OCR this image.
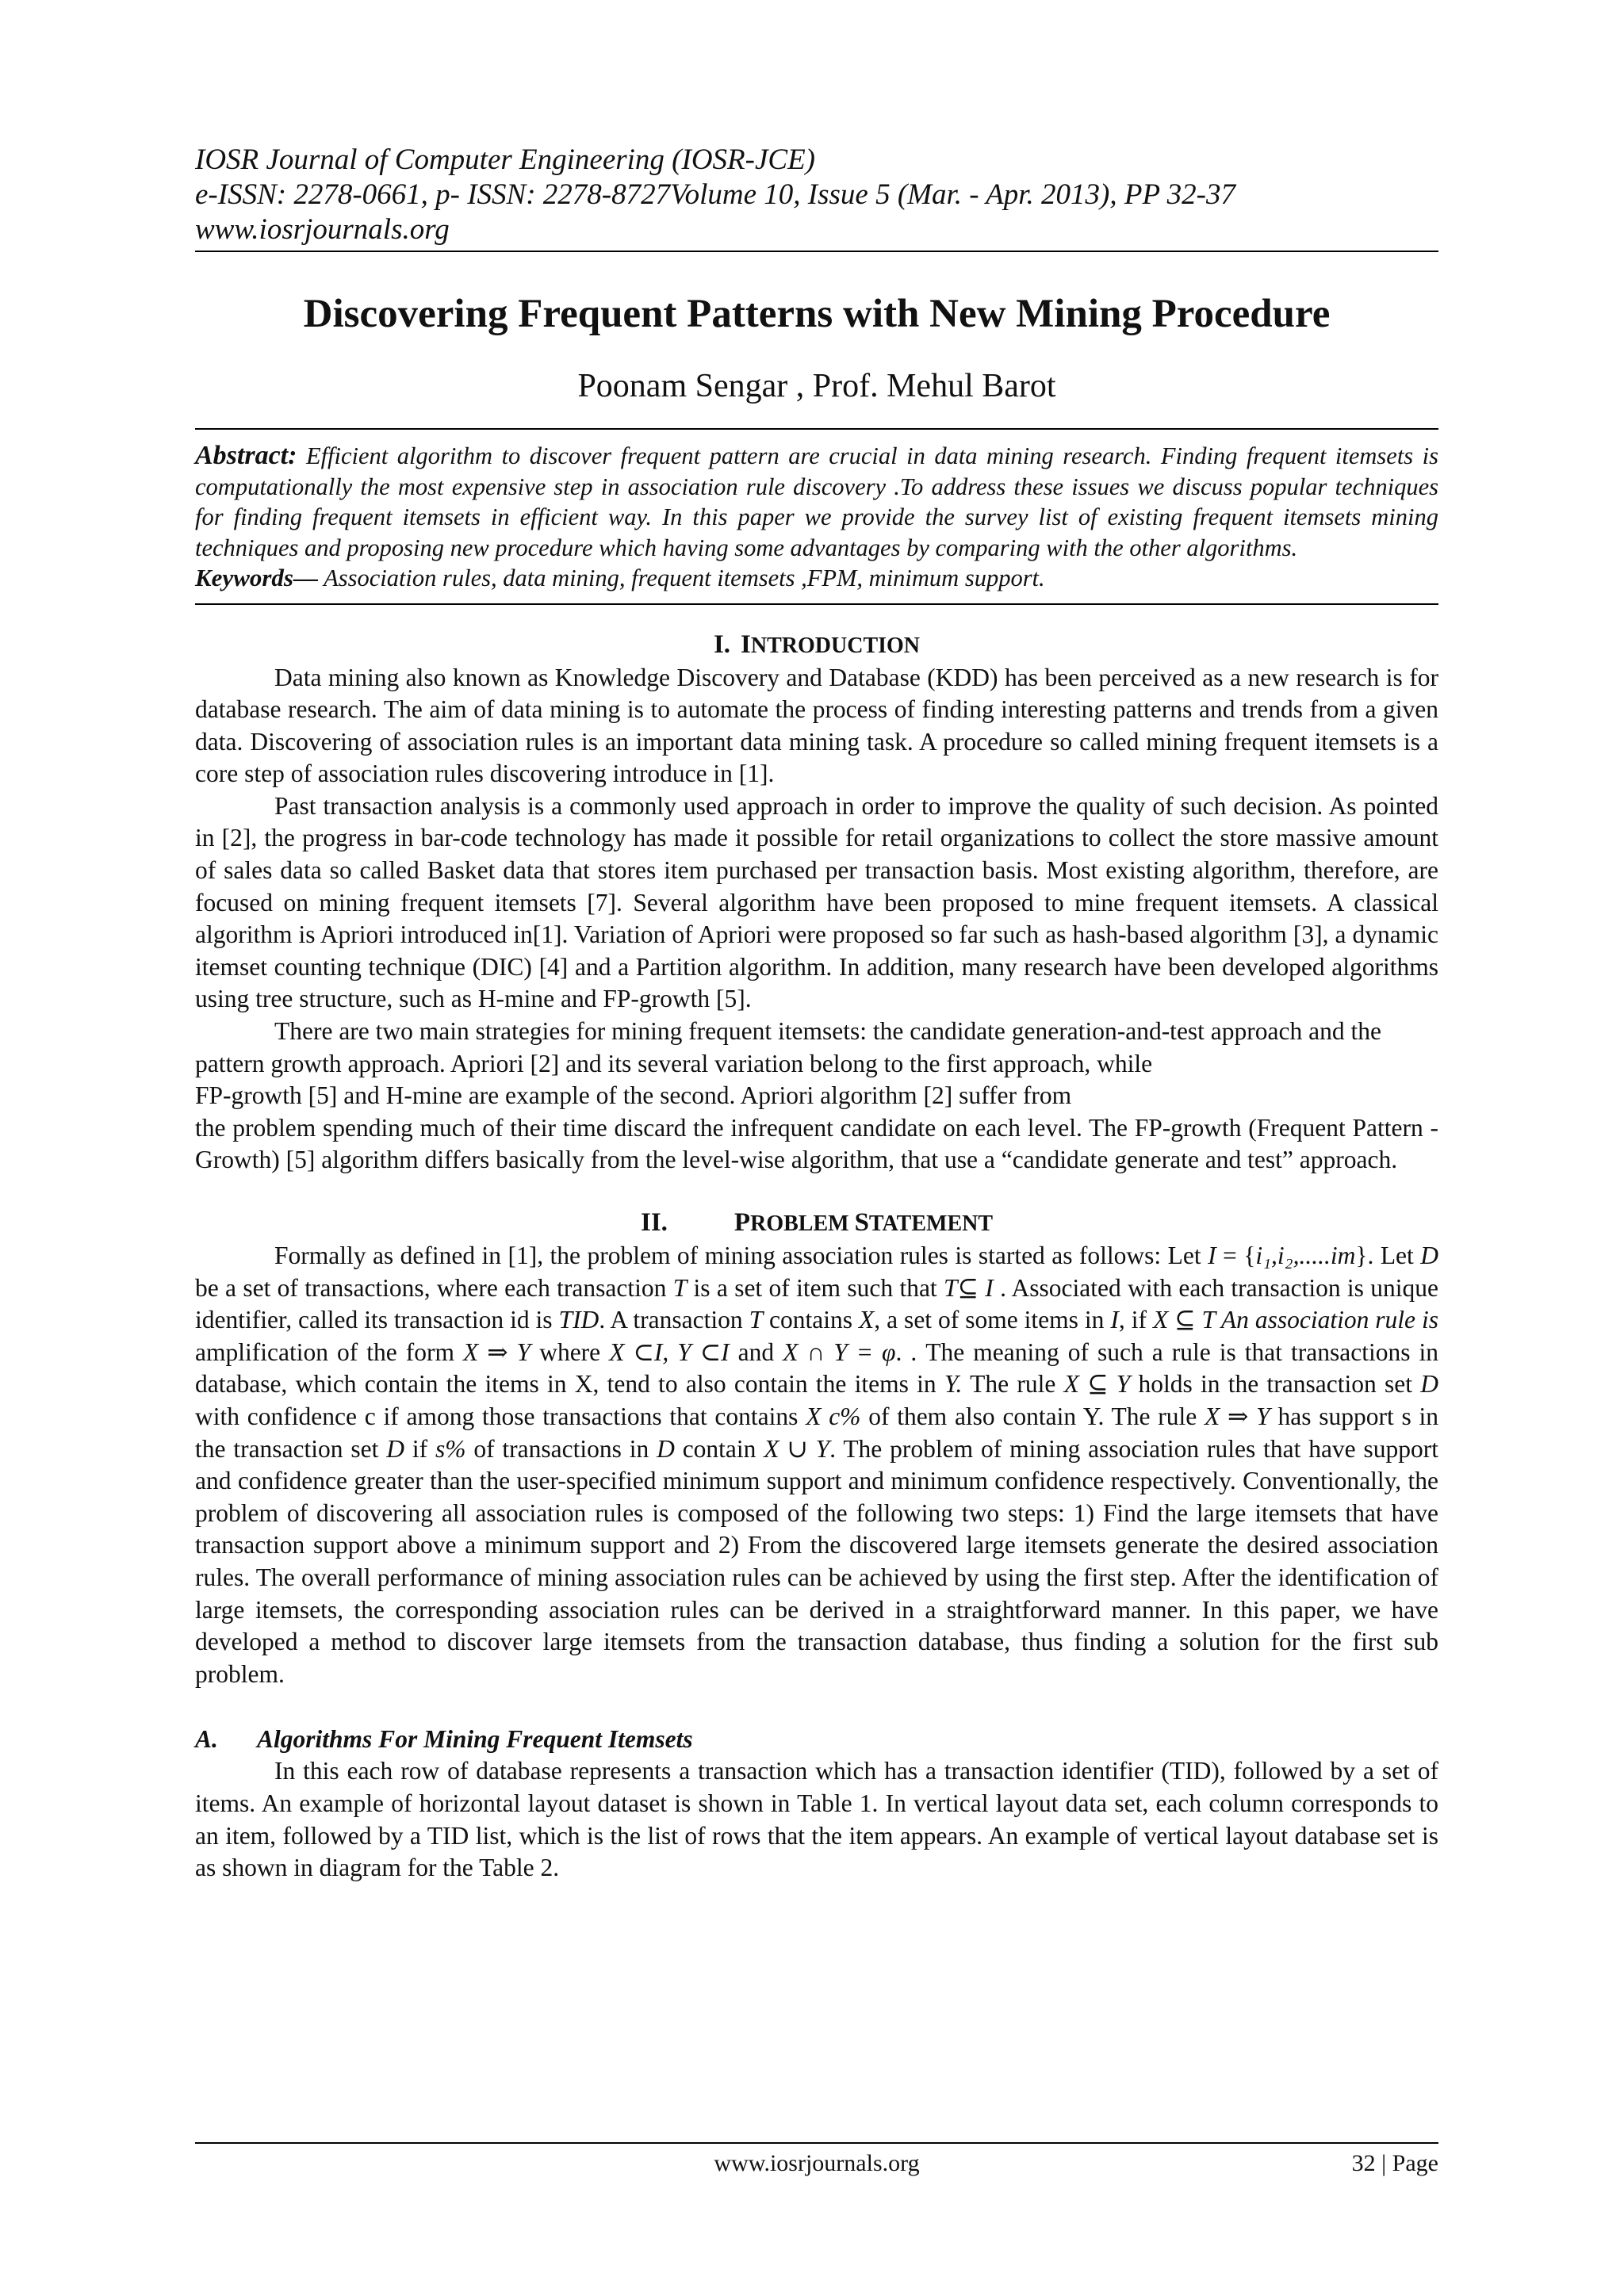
IOSR Journal of Computer Engineering (IOSR-JCE)
e-ISSN: 2278-0661, p- ISSN: 2278-8727Volume 10, Issue 5 (Mar. - Apr. 2013), PP 32-37
www.iosrjournals.org
Discovering Frequent Patterns with New Mining Procedure
Poonam Sengar , Prof. Mehul Barot
Abstract: Efficient algorithm to discover frequent pattern are crucial in data mining research. Finding frequent itemsets is computationally the most expensive step in association rule discovery .To address these issues we discuss popular techniques for finding frequent itemsets in efficient way. In this paper we provide the survey list of existing frequent itemsets mining techniques and proposing new procedure which having some advantages by comparing with the other algorithms.
Keywords— Association rules, data mining, frequent itemsets ,FPM, minimum support.
I. INTRODUCTION

Data mining also known as Knowledge Discovery and Database (KDD) has been perceived as a new research is for database research. The aim of data mining is to automate the process of finding interesting patterns and trends from a given data. Discovering of association rules is an important data mining task. A procedure so called mining frequent itemsets is a core step of association rules discovering introduce in [1].

Past transaction analysis is a commonly used approach in order to improve the quality of such decision. As pointed in [2], the progress in bar-code technology has made it possible for retail organizations to collect the store massive amount of sales data so called Basket data that stores item purchased per transaction basis. Most existing algorithm, therefore, are focused on mining frequent itemsets [7]. Several algorithm have been proposed to mine frequent itemsets. A classical algorithm is Apriori introduced in[1]. Variation of Apriori were proposed so far such as hash-based algorithm [3], a dynamic itemset counting technique (DIC) [4] and a Partition algorithm. In addition, many research have been developed algorithms using tree structure, such as H-mine and FP-growth [5].

There are two main strategies for mining frequent itemsets: the candidate generation-and-test approach and the pattern growth approach. Apriori [2] and its several variation belong to the first approach, while

FP-growth [5] and H-mine are example of the second. Apriori algorithm [2] suffer from

the problem spending much of their time discard the infrequent candidate on each level. The FP-growth (Frequent Pattern -Growth) [5] algorithm differs basically from the level-wise algorithm, that use a “candidate generate and test” approach.

II.	PROBLEM STATEMENT

Formally as defined in [1], the problem of mining association rules is started as follows: Let I = {i₁,i₂,.....im}. Let D be a set of transactions, where each transaction T is a set of item such that T⊆ I . Associated with each transaction is unique identifier, called its transaction id is TID. A transaction T contains X, a set of some items in I, if X ⊆ T An association rule is amplification of the form X ⇒ Y where X ⊂I, Y ⊂I and X ∩ Y = φ. . The meaning of such a rule is that transactions in database, which contain the items in X, tend to also contain the items in Y. The rule X ⊆ Y holds in the transaction set D with confidence c if among those transactions that contains X c% of them also contain Y. The rule X ⇒ Y has support s in the transaction set D if s% of transactions in D contain X ∪ Y. The problem of mining association rules that have support and confidence greater than the user-specified minimum support and minimum confidence respectively. Conventionally, the problem of discovering all association rules is composed of the following two steps: 1) Find the large itemsets that have transaction support above a minimum support and 2) From the discovered large itemsets generate the desired association rules. The overall performance of mining association rules can be achieved by using the first step. After the identification of large itemsets, the corresponding association rules can be derived in a straightforward manner. In this paper, we have developed a method to discover large itemsets from the transaction database, thus finding a solution for the first sub problem.

A. Algorithms For Mining Frequent Itemsets

In this each row of database represents a transaction which has a transaction identifier (TID), followed by a set of items. An example of horizontal layout dataset is shown in Table 1. In vertical layout data set, each column corresponds to an item, followed by a TID list, which is the list of rows that the item appears. An example of vertical layout database set is as shown in diagram for the Table 2.

www.iosrjournals.org	32 | Page
